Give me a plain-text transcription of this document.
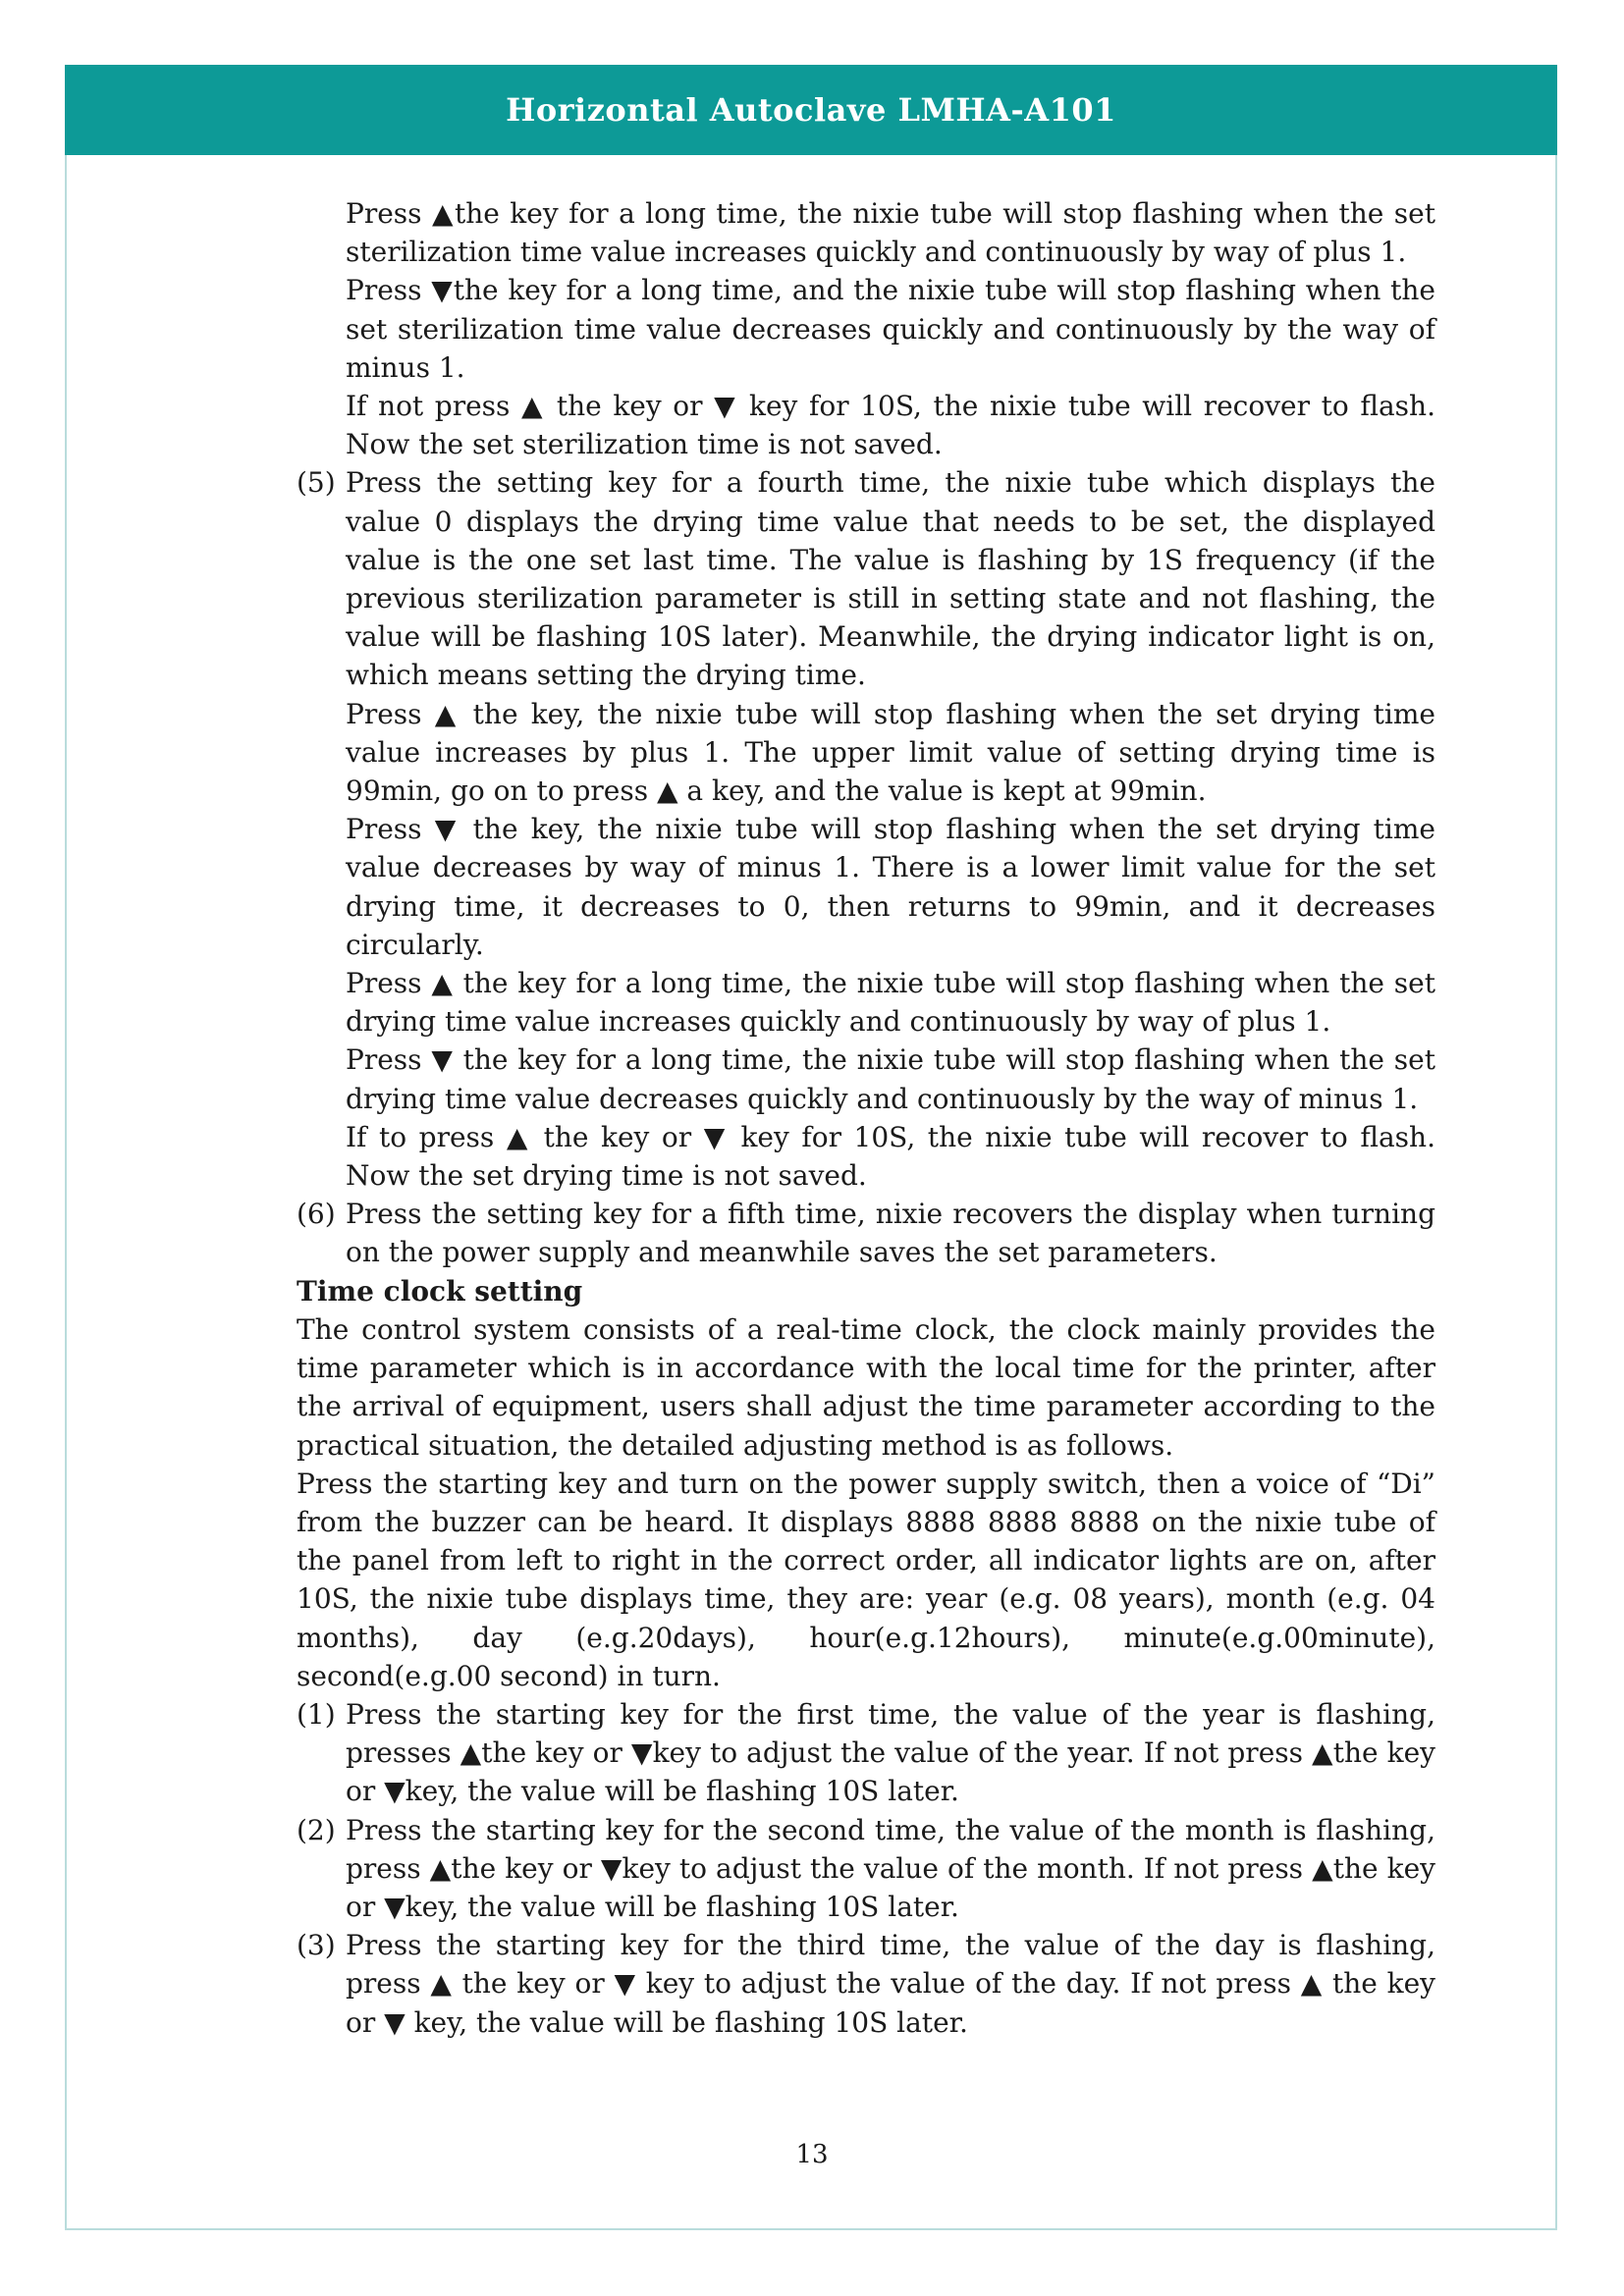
Horizontal Autoclave LMHA-A101

Press ▲the key for a long time, the nixie tube will stop flashing when the set sterilization time value increases quickly and continuously by way of plus 1.

Press ▼the key for a long time, and the nixie tube will stop flashing when the set sterilization time value decreases quickly and continuously by the way of minus 1.

If not press ▲ the key or ▼ key for 10S, the nixie tube will recover to flash. Now the set sterilization time is not saved.

(5) Press the setting key for a fourth time, the nixie tube which displays the value 0 displays the drying time value that needs to be set, the displayed value is the one set last time. The value is flashing by 1S frequency (if the previous sterilization parameter is still in setting state and not flashing, the value will be flashing 10S later). Meanwhile, the drying indicator light is on, which means setting the drying time.

Press ▲ the key, the nixie tube will stop flashing when the set drying time value increases by plus 1. The upper limit value of setting drying time is 99min, go on to press ▲ a key, and the value is kept at 99min.

Press ▼ the key, the nixie tube will stop flashing when the set drying time value decreases by way of minus 1. There is a lower limit value for the set drying time, it decreases to 0, then returns to 99min, and it decreases circularly.

Press ▲ the key for a long time, the nixie tube will stop flashing when the set drying time value increases quickly and continuously by way of plus 1.

Press ▼ the key for a long time, the nixie tube will stop flashing when the set drying time value decreases quickly and continuously by the way of minus 1.

If to press ▲ the key or ▼ key for 10S, the nixie tube will recover to flash. Now the set drying time is not saved.

(6) Press the setting key for a fifth time, nixie recovers the display when turning on the power supply and meanwhile saves the set parameters.

Time clock setting

The control system consists of a real-time clock, the clock mainly provides the time parameter which is in accordance with the local time for the printer, after the arrival of equipment, users shall adjust the time parameter according to the practical situation, the detailed adjusting method is as follows.

Press the starting key and turn on the power supply switch, then a voice of “Di” from the buzzer can be heard. It displays 8888 8888 8888 on the nixie tube of the panel from left to right in the correct order, all indicator lights are on, after 10S, the nixie tube displays time, they are: year (e.g. 08 years), month (e.g. 04 months), day (e.g.20days), hour(e.g.12hours), minute(e.g.00minute), second(e.g.00 second) in turn.

(1) Press the starting key for the first time, the value of the year is flashing, presses ▲the key or ▼key to adjust the value of the year. If not press ▲the key or ▼key, the value will be flashing 10S later.

(2) Press the starting key for the second time, the value of the month is flashing, press ▲the key or ▼key to adjust the value of the month. If not press ▲the key or ▼key, the value will be flashing 10S later.

(3) Press the starting key for the third time, the value of the day is flashing, press ▲ the key or ▼ key to adjust the value of the day. If not press ▲ the key or ▼ key, the value will be flashing 10S later.

13
